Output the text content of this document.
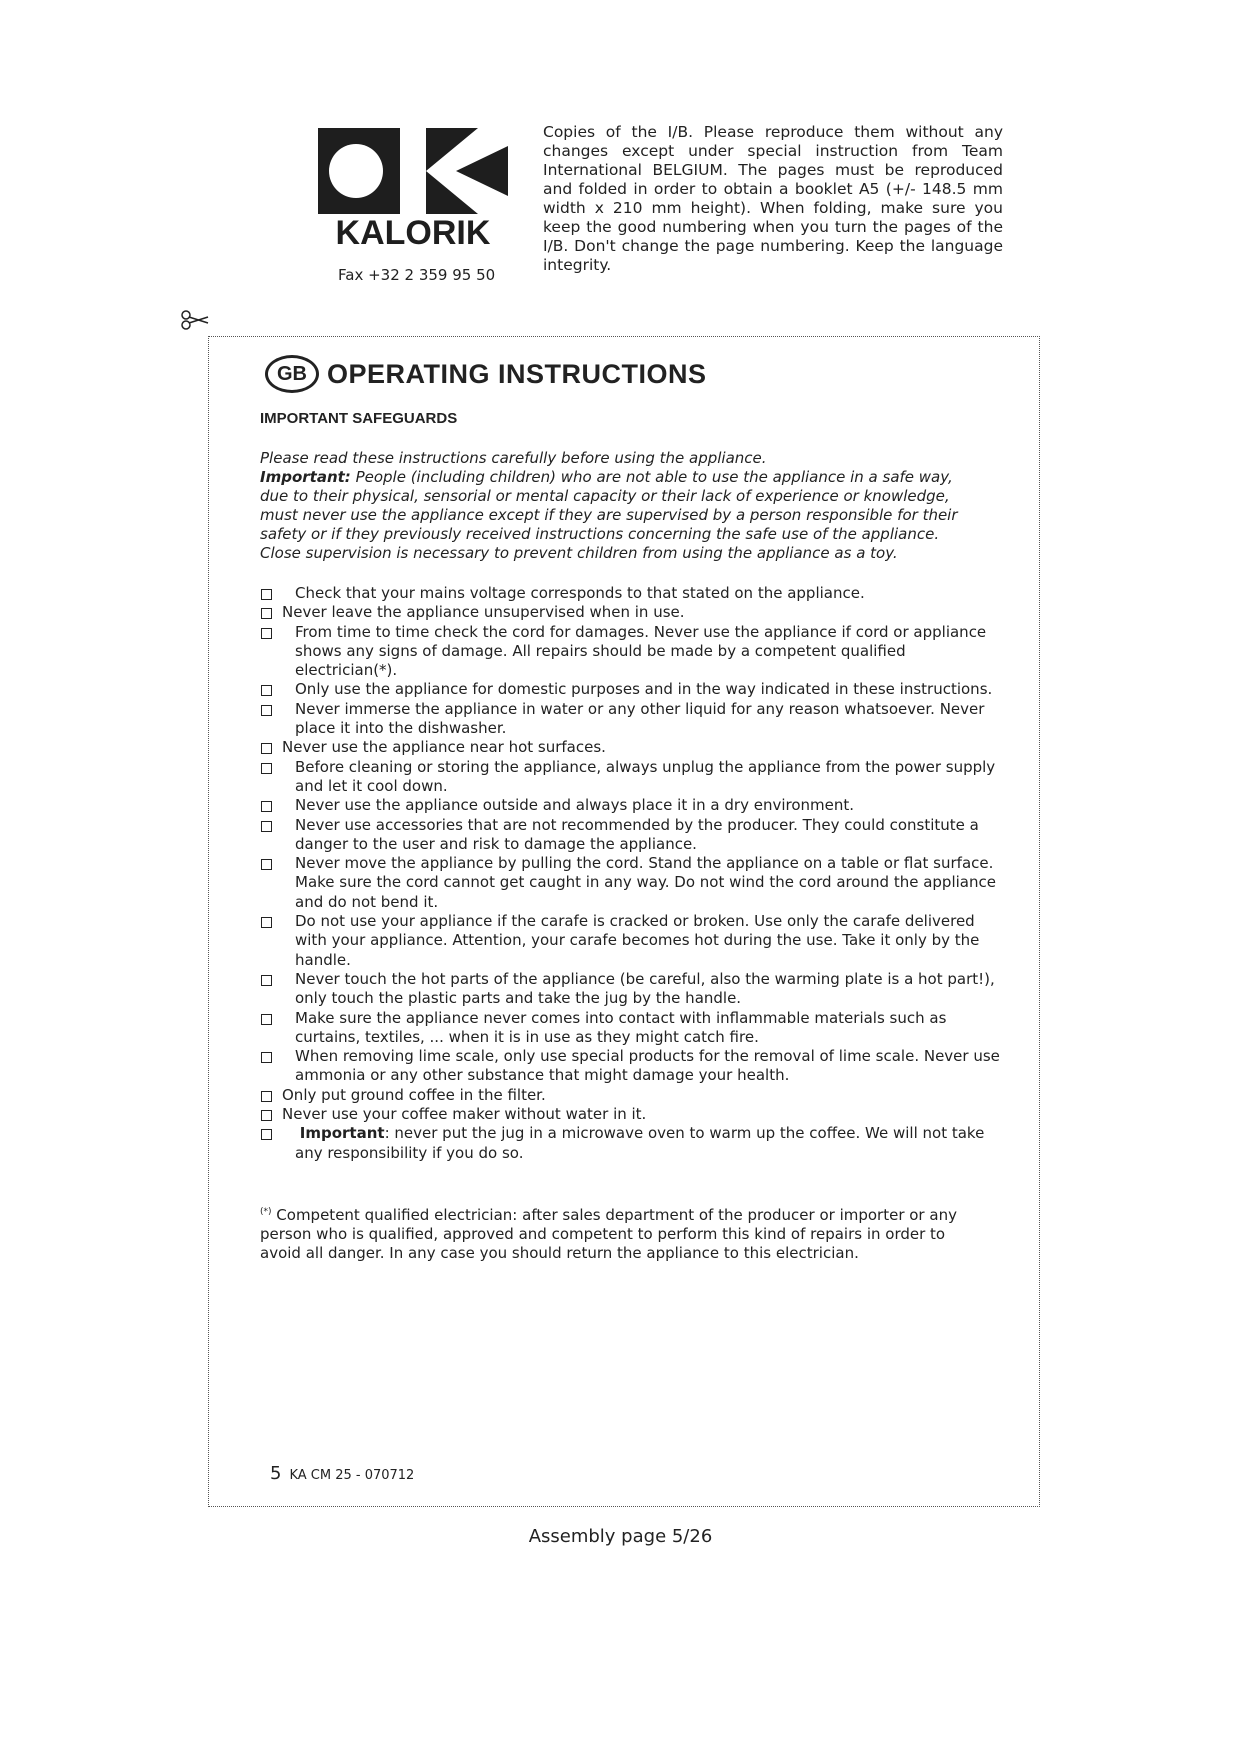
KALORIK
Fax +32 2 359 95 50
Copies of the I/B. Please reproduce them without any changes except under special instruction from Team International BELGIUM. The pages must be reproduced and folded in order to obtain a booklet A5 (+/- 148.5 mm width x 210 mm height). When folding, make sure you keep the good numbering when you turn the pages of the I/B. Don't change the page numbering. Keep the language integrity.
GB OPERATING INSTRUCTIONS
IMPORTANT SAFEGUARDS
Please read these instructions carefully before using the appliance.
Important: People (including children) who are not able to use the appliance in a safe way, due to their physical, sensorial or mental capacity or their lack of experience or knowledge, must never use the appliance except if they are supervised by a person responsible for their safety or if they previously received instructions concerning the safe use of the appliance. Close supervision is necessary to prevent children from using the appliance as a toy.
Check that your mains voltage corresponds to that stated on the appliance.
Never leave the appliance unsupervised when in use.
From time to time check the cord for damages. Never use the appliance if cord or appliance shows any signs of damage. All repairs should be made by a competent qualified electrician(*).
Only use the appliance for domestic purposes and in the way indicated in these instructions.
Never immerse the appliance in water or any other liquid for any reason whatsoever. Never place it into the dishwasher.
Never use the appliance near hot surfaces.
Before cleaning or storing the appliance, always unplug the appliance from the power supply and let it cool down.
Never use the appliance outside and always place it in a dry environment.
Never use accessories that are not recommended by the producer. They could constitute a danger to the user and risk to damage the appliance.
Never move the appliance by pulling the cord. Stand the appliance on a table or flat surface. Make sure the cord cannot get caught in any way. Do not wind the cord around the appliance and do not bend it.
Do not use your appliance if the carafe is cracked or broken. Use only the carafe delivered with your appliance. Attention, your carafe becomes hot during the use. Take it only by the handle.
Never touch the hot parts of the appliance (be careful, also the warming plate is a hot part!), only touch the plastic parts and take the jug by the handle.
Make sure the appliance never comes into contact with inflammable materials such as curtains, textiles, ... when it is in use as they might catch fire.
When removing lime scale, only use special products for the removal of lime scale. Never use ammonia or any other substance that might damage your health.
Only put ground coffee in the filter.
Never use your coffee maker without water in it.
Important: never put the jug in a microwave oven to warm up the coffee. We will not take any responsibility if you do so.
(*) Competent qualified electrician: after sales department of the producer or importer or any person who is qualified, approved and competent to perform this kind of repairs in order to avoid all danger. In any case you should return the appliance to this electrician.
5 KA CM 25 - 070712
Assembly page 5/26
